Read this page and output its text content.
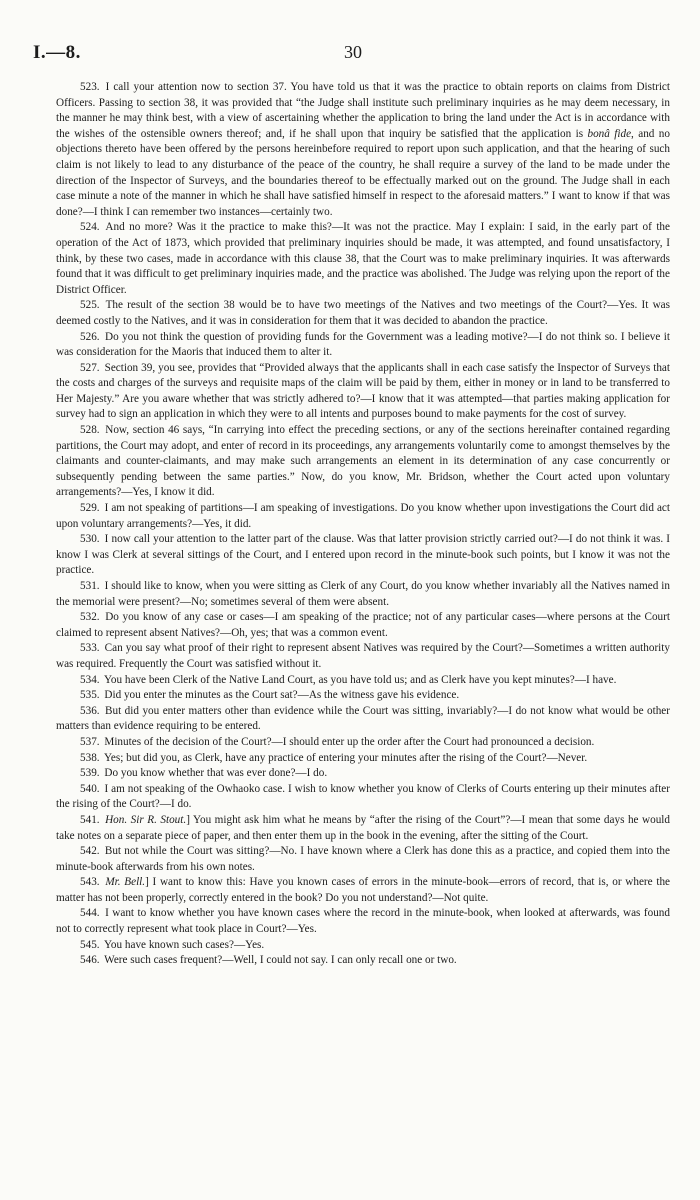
I.—8.	30

523. I call your attention now to section 37. You have told us that it was the practice to obtain reports on claims from District Officers. Passing to section 38, it was provided that “the Judge shall institute such preliminary inquiries as he may deem necessary, in the manner he may think best, with a view of ascertaining whether the application to bring the land under the Act is in accordance with the wishes of the ostensible owners thereof; and, if he shall upon that inquiry be satisfied that the application is bonâ fide, and no objections thereto have been offered by the persons hereinbefore required to report upon such application, and that the hearing of such claim is not likely to lead to any disturbance of the peace of the country, he shall require a survey of the land to be made under the direction of the Inspector of Surveys, and the boundaries thereof to be effectually marked out on the ground. The Judge shall in each case minute a note of the manner in which he shall have satisfied himself in respect to the aforesaid matters.” I want to know if that was done?—I think I can remember two instances—certainly two.

524. And no more? Was it the practice to make this?—It was not the practice. May I explain: I said, in the early part of the operation of the Act of 1873, which provided that preliminary inquiries should be made, it was attempted, and found unsatisfactory, I think, by these two cases, made in accordance with this clause 38, that the Court was to make preliminary inquiries. It was afterwards found that it was difficult to get preliminary inquiries made, and the practice was abolished. The Judge was relying upon the report of the District Officer.

525. The result of the section 38 would be to have two meetings of the Natives and two meetings of the Court?—Yes. It was deemed costly to the Natives, and it was in consideration for them that it was decided to abandon the practice.

526. Do you not think the question of providing funds for the Government was a leading motive?—I do not think so. I believe it was consideration for the Maoris that induced them to alter it.

527. Section 39, you see, provides that “Provided always that the applicants shall in each case satisfy the Inspector of Surveys that the costs and charges of the surveys and requisite maps of the claim will be paid by them, either in money or in land to be transferred to Her Majesty.” Are you aware whether that was strictly adhered to?—I know that it was attempted—that parties making application for survey had to sign an application in which they were to all intents and purposes bound to make payments for the cost of survey.

528. Now, section 46 says, “In carrying into effect the preceding sections, or any of the sections hereinafter contained regarding partitions, the Court may adopt, and enter of record in its proceedings, any arrangements voluntarily come to amongst themselves by the claimants and counter-claimants, and may make such arrangements an element in its determination of any case concurrently or subsequently pending between the same parties.” Now, do you know, Mr. Bridson, whether the Court acted upon voluntary arrangements?—Yes, I know it did.

529. I am not speaking of partitions—I am speaking of investigations. Do you know whether upon investigations the Court did act upon voluntary arrangements?—Yes, it did.

530. I now call your attention to the latter part of the clause. Was that latter provision strictly carried out?—I do not think it was. I know I was Clerk at several sittings of the Court, and I entered upon record in the minute-book such points, but I know it was not the practice.

531. I should like to know, when you were sitting as Clerk of any Court, do you know whether invariably all the Natives named in the memorial were present?—No; sometimes several of them were absent.

532. Do you know of any case or cases—I am speaking of the practice; not of any particular cases—where persons at the Court claimed to represent absent Natives?—Oh, yes; that was a common event.

533. Can you say what proof of their right to represent absent Natives was required by the Court?—Sometimes a written authority was required. Frequently the Court was satisfied without it.

534. You have been Clerk of the Native Land Court, as you have told us; and as Clerk have you kept minutes?—I have.

535. Did you enter the minutes as the Court sat?—As the witness gave his evidence.

536. But did you enter matters other than evidence while the Court was sitting, invariably?—I do not know what would be other matters than evidence requiring to be entered.

537. Minutes of the decision of the Court?—I should enter up the order after the Court had pronounced a decision.

538. Yes; but did you, as Clerk, have any practice of entering your minutes after the rising of the Court?—Never.

539. Do you know whether that was ever done?—I do.

540. I am not speaking of the Owhaoko case. I wish to know whether you know of Clerks of Courts entering up their minutes after the rising of the Court?—I do.

541. Hon. Sir R. Stout.] You might ask him what he means by “after the rising of the Court”?—I mean that some days he would take notes on a separate piece of paper, and then enter them up in the book in the evening, after the sitting of the Court.

542. But not while the Court was sitting?—No. I have known where a Clerk has done this as a practice, and copied them into the minute-book afterwards from his own notes.

543. Mr. Bell.] I want to know this: Have you known cases of errors in the minute-book—errors of record, that is, or where the matter has not been properly, correctly entered in the book? Do you not understand?—Not quite.

544. I want to know whether you have known cases where the record in the minute-book, when looked at afterwards, was found not to correctly represent what took place in Court?—Yes.

545. You have known such cases?—Yes.

546. Were such cases frequent?—Well, I could not say. I can only recall one or two.
